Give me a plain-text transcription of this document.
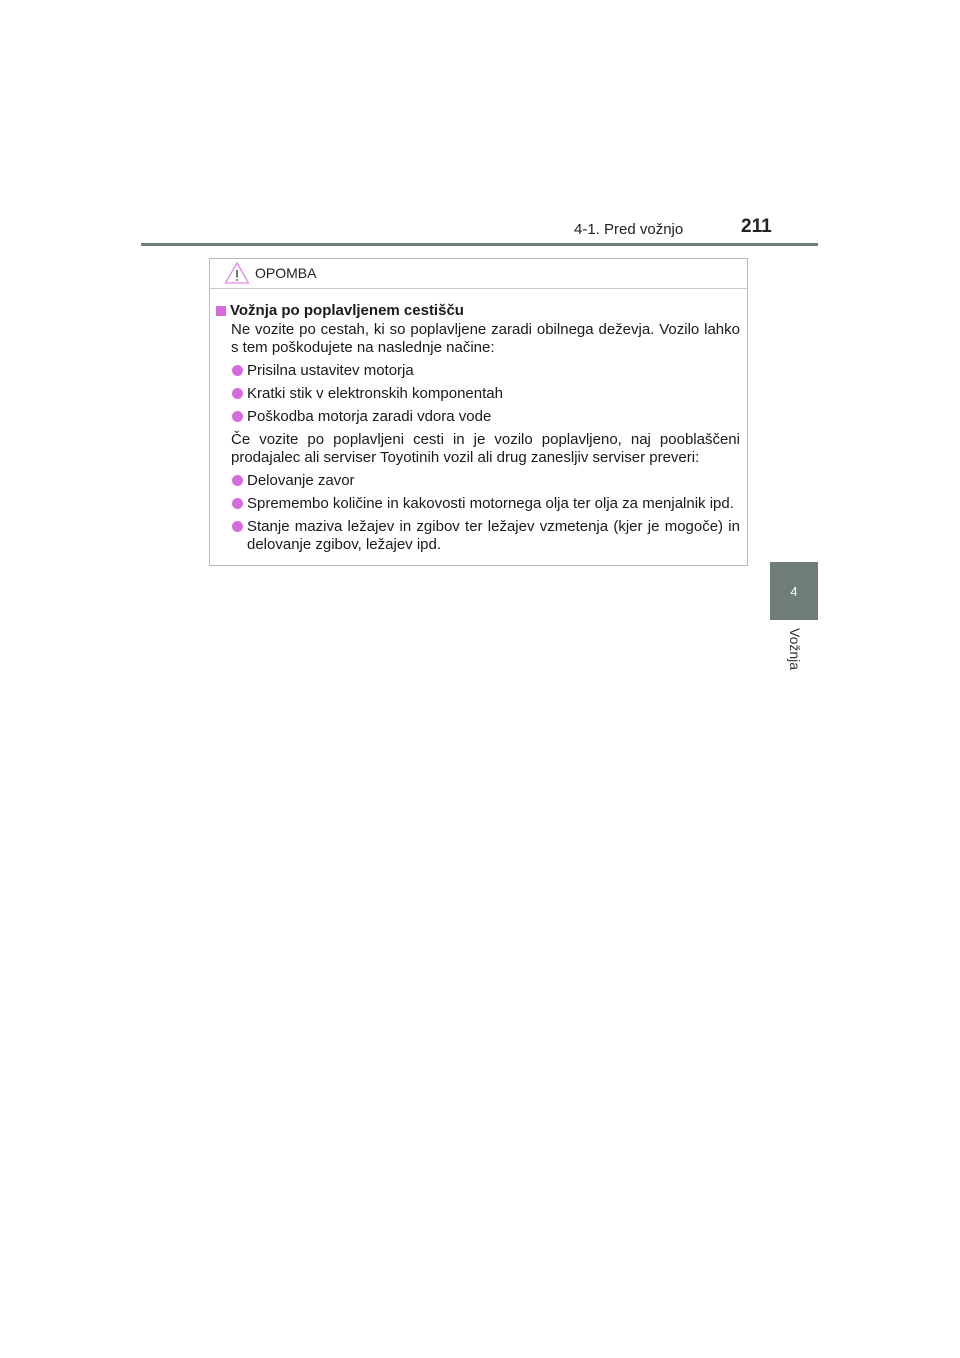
4-1. Pred vožnjo	211
4
Vožnja
OPOMBA
Vožnja po poplavljenem cestišču
Ne vozite po cestah, ki so poplavljene zaradi obilnega deževja. Vozilo lahko s tem poškodujete na naslednje načine:
Prisilna ustavitev motorja
Kratki stik v elektronskih komponentah
Poškodba motorja zaradi vdora vode
Če vozite po poplavljeni cesti in je vozilo poplavljeno, naj pooblaščeni prodajalec ali serviser Toyotinih vozil ali drug zanesljiv serviser preveri:
Delovanje zavor
Spremembo količine in kakovosti motornega olja ter olja za menjalnik ipd.
Stanje maziva ležajev in zgibov ter ležajev vzmetenja (kjer je mogoče) in delovanje zgibov, ležajev ipd.
